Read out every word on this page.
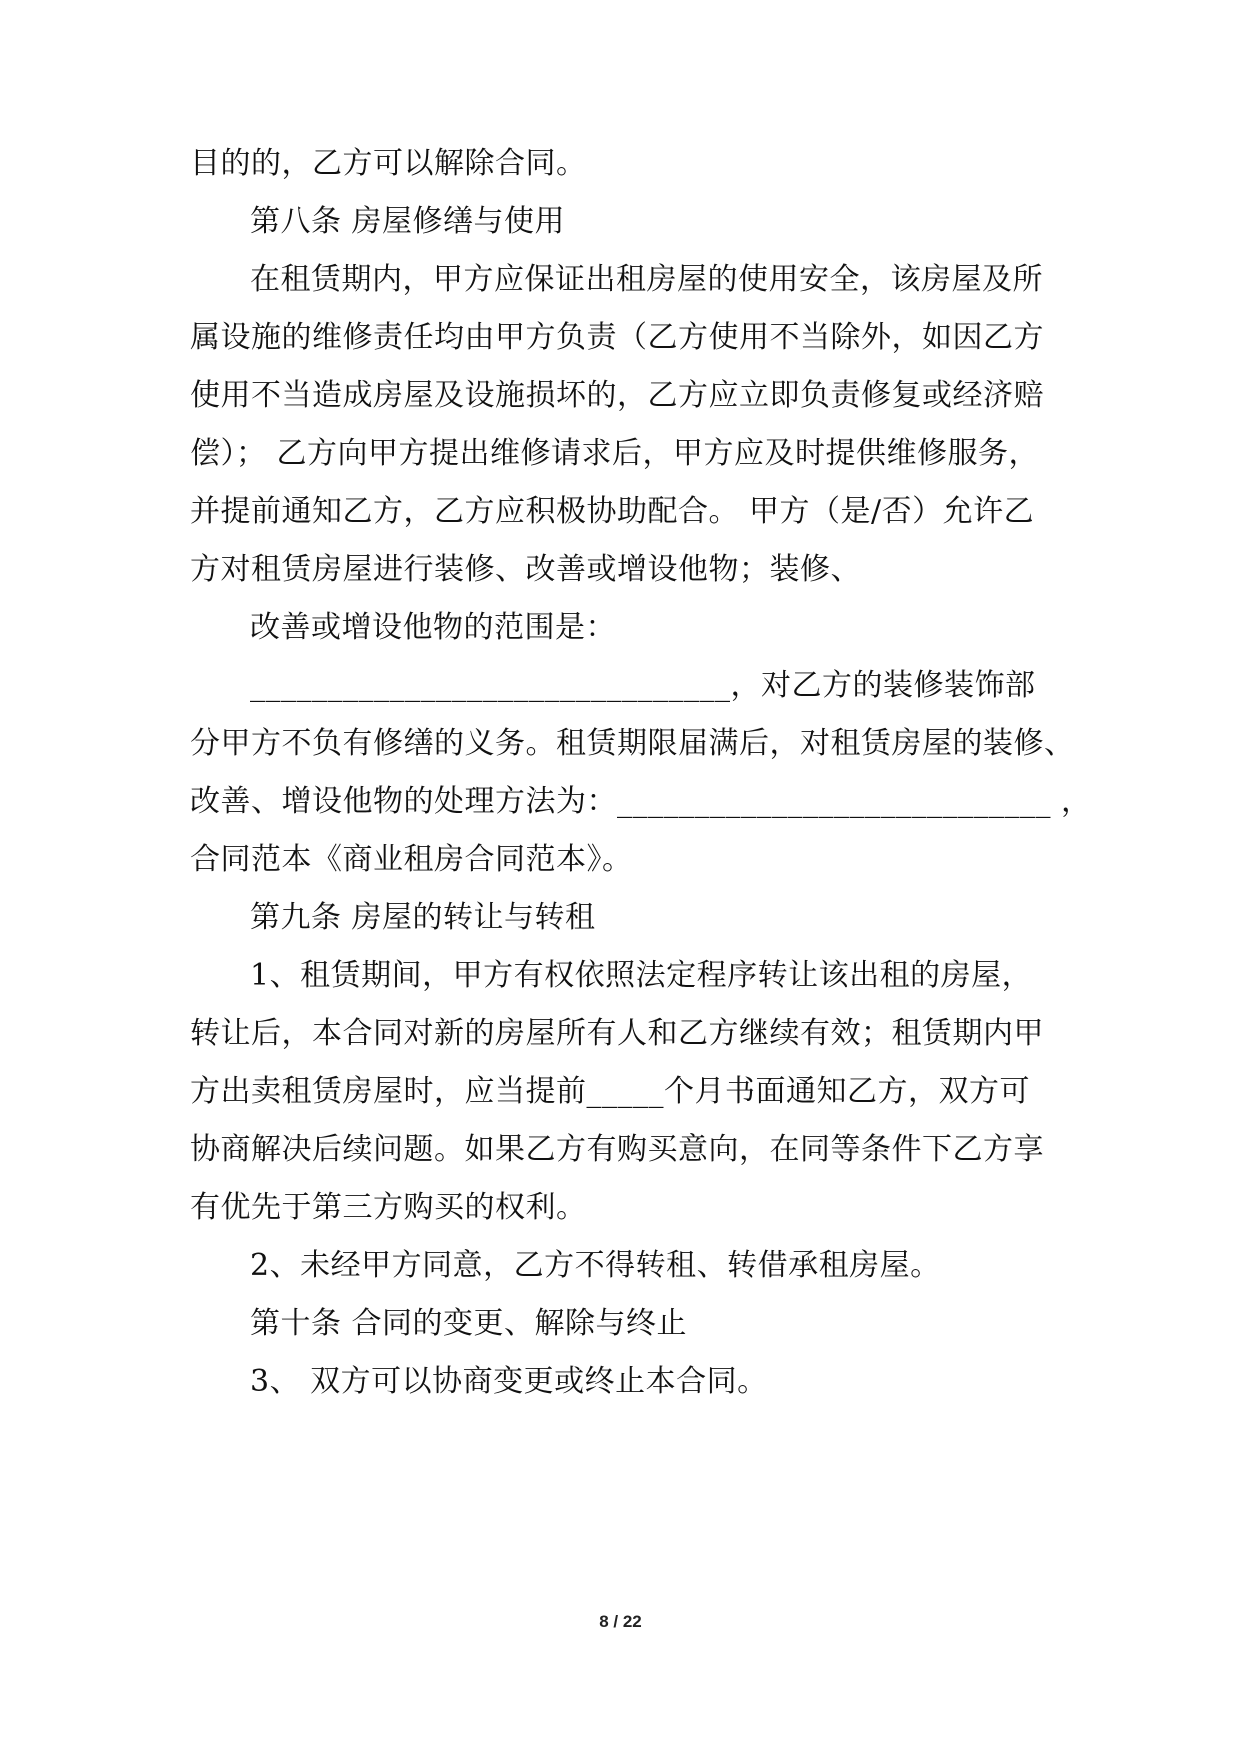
目的的，乙方可以解除合同。
第八条 房屋修缮与使用
在租赁期内，甲方应保证出租房屋的使用安全，该房屋及所
属设施的维修责任均由甲方负责（乙方使用不当除外，如因乙方
使用不当造成房屋及设施损坏的，乙方应立即负责修复或经济赔
偿）； 乙方向甲方提出维修请求后，甲方应及时提供维修服务，
并提前通知乙方，乙方应积极协助配合。 甲方（是/否）允许乙
方对租赁房屋进行装修、改善或增设他物；装修、
改善或增设他物的范围是：
_______________________________，对乙方的装修装饰部
分甲方不负有修缮的义务。租赁期限届满后，对租赁房屋的装修、
改善、增设他物的处理方法为：____________________________ ，
合同范本《商业租房合同范本》。
第九条 房屋的转让与转租
1、租赁期间，甲方有权依照法定程序转让该出租的房屋，
转让后，本合同对新的房屋所有人和乙方继续有效；租赁期内甲
方出卖租赁房屋时，应当提前_____个月书面通知乙方，双方可
协商解决后续问题。如果乙方有购买意向，在同等条件下乙方享
有优先于第三方购买的权利。
2、未经甲方同意，乙方不得转租、转借承租房屋。
第十条 合同的变更、解除与终止
3、 双方可以协商变更或终止本合同。
8 / 22
